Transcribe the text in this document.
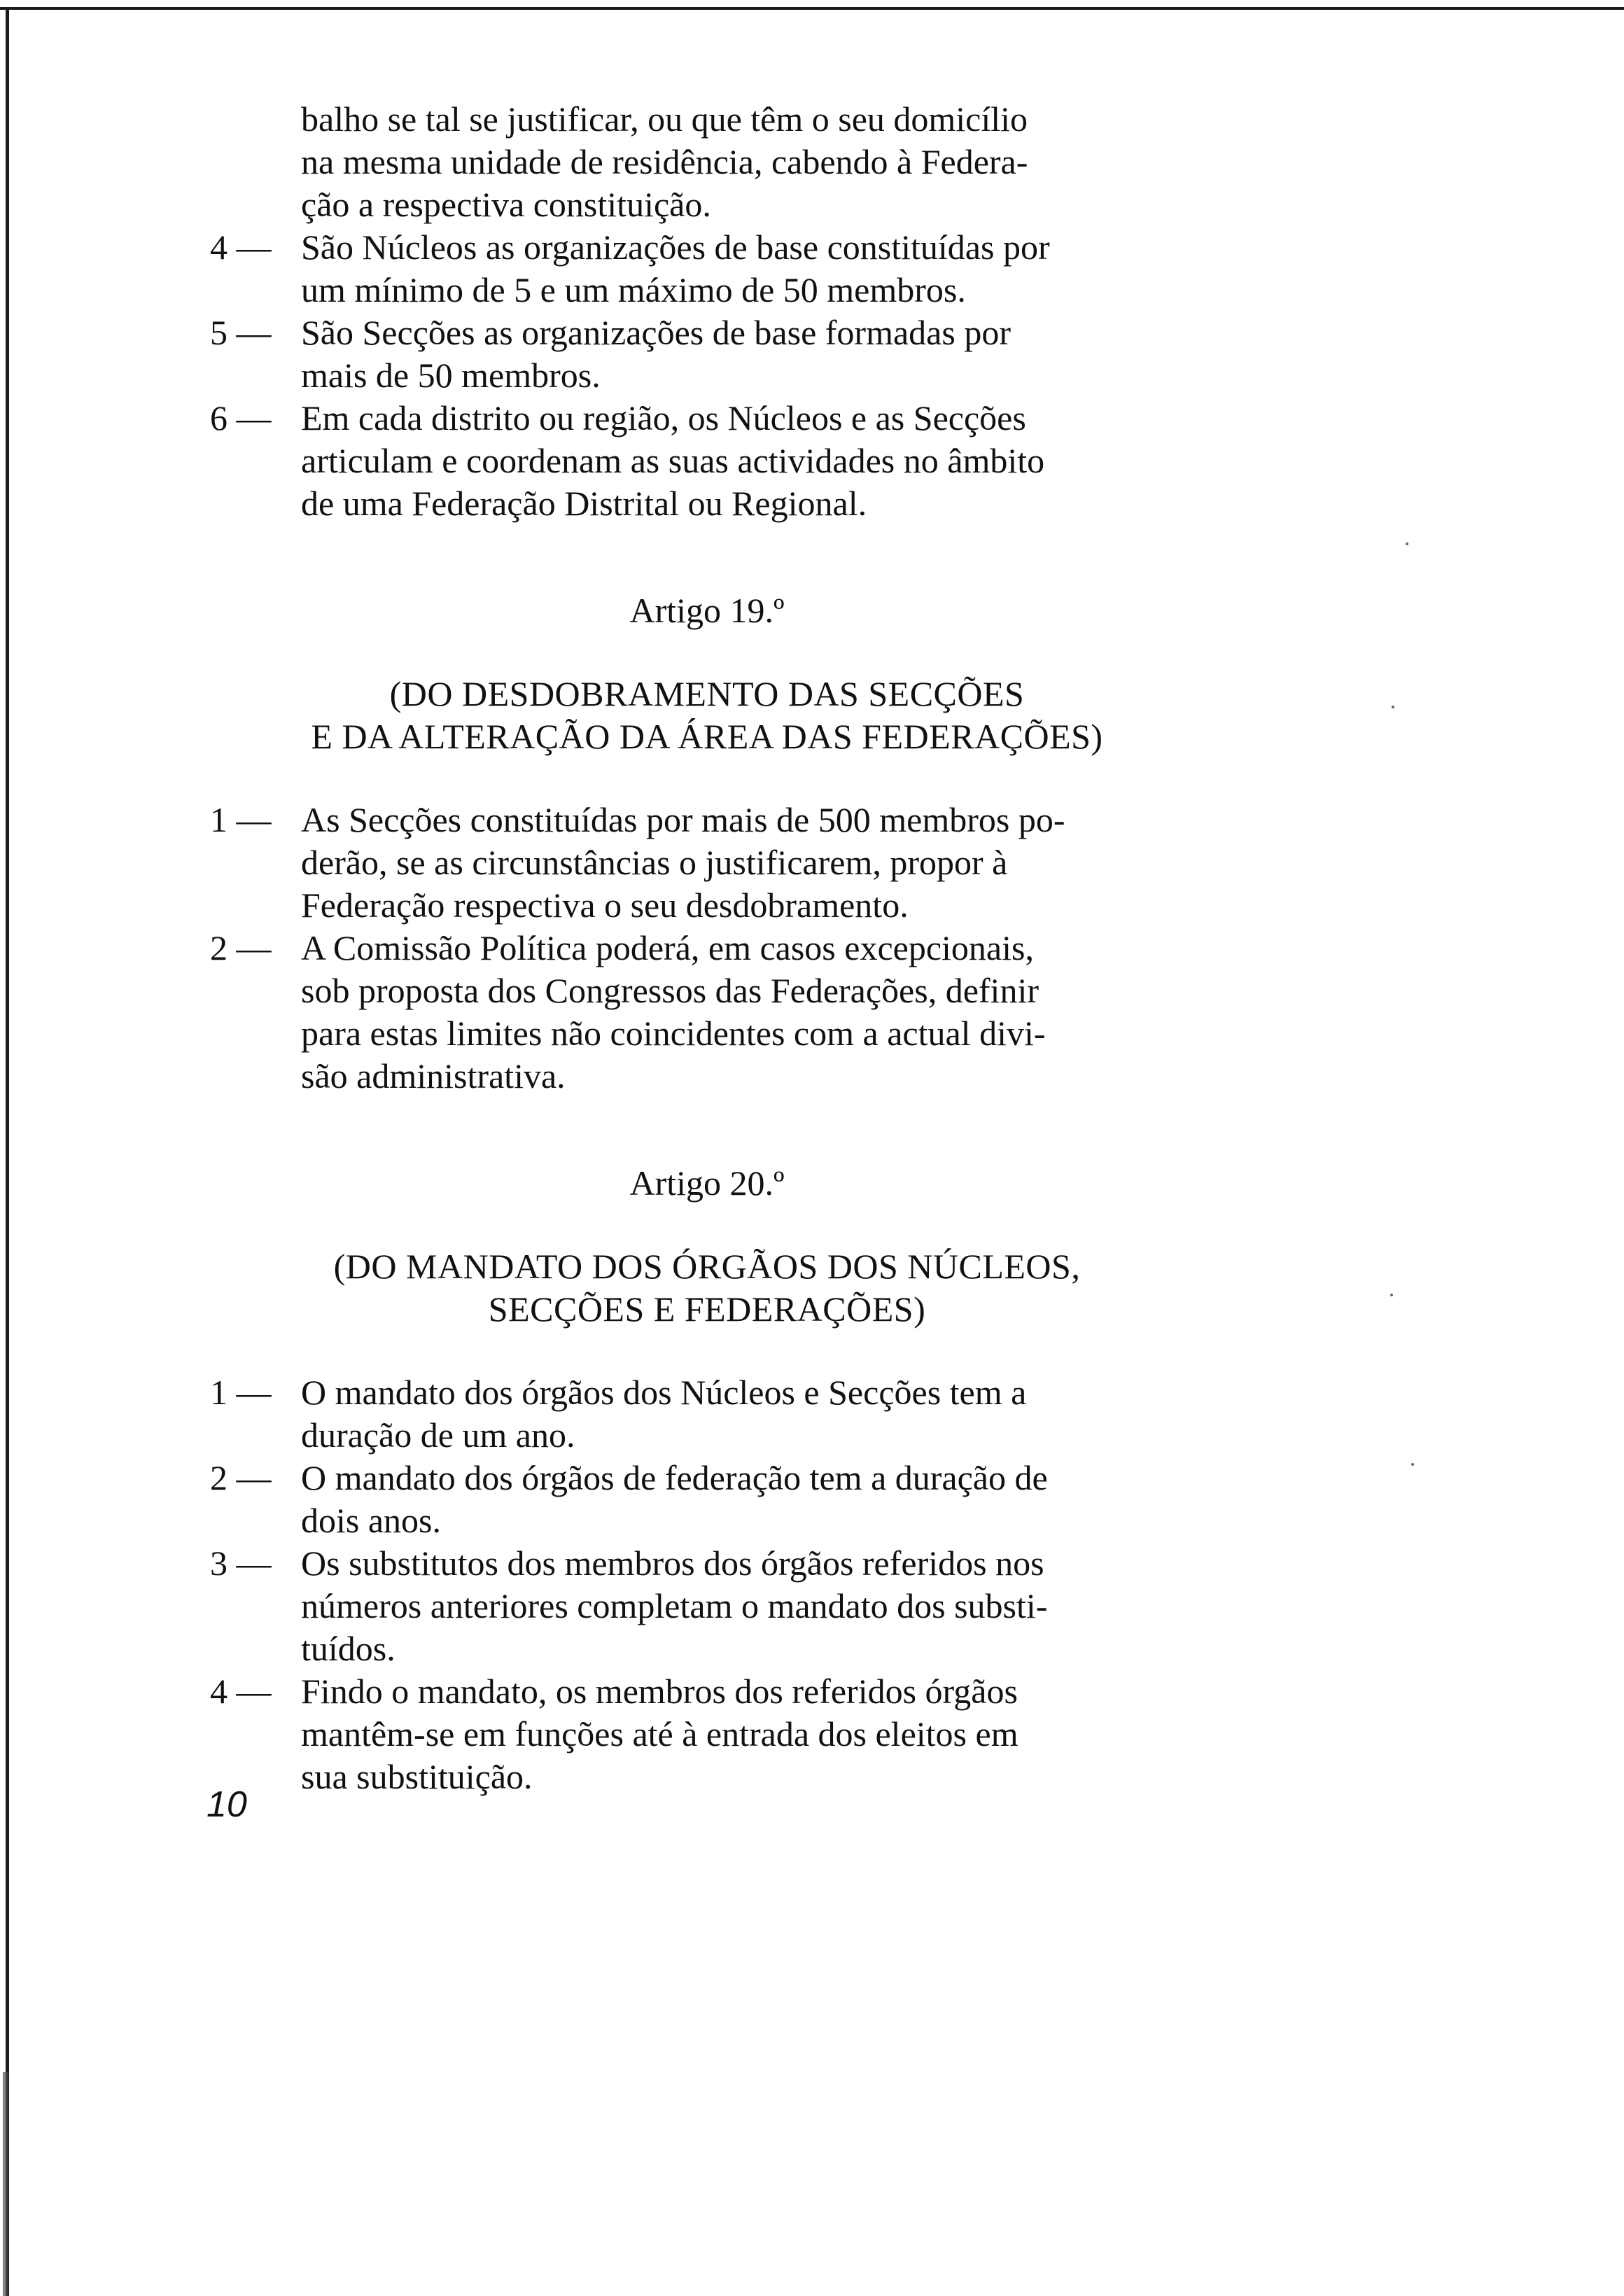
balho se tal se justificar, ou que têm o seu domicílio
na mesma unidade de residência, cabendo à Federa-
ção a respectiva constituição.
4 — São Núcleos as organizações de base constituídas por
um mínimo de 5 e um máximo de 50 membros.
5 — São Secções as organizações de base formadas por
mais de 50 membros.
6 — Em cada distrito ou região, os Núcleos e as Secções
articulam e coordenam as suas actividades no âmbito
de uma Federação Distrital ou Regional.
Artigo 19.º
(DO DESDOBRAMENTO DAS SECÇÕES
E DA ALTERAÇÃO DA ÁREA DAS FEDERAÇÕES)
1 — As Secções constituídas por mais de 500 membros po-
derão, se as circunstâncias o justificarem, propor à
Federação respectiva o seu desdobramento.
2 — A Comissão Política poderá, em casos excepcionais,
sob proposta dos Congressos das Federações, definir
para estas limites não coincidentes com a actual divi-
são administrativa.
Artigo 20.º
(DO MANDATO DOS ÓRGÃOS DOS NÚCLEOS,
SECÇÕES E FEDERAÇÕES)
1 — O mandato dos órgãos dos Núcleos e Secções tem a
duração de um ano.
2 — O mandato dos órgãos de federação tem a duração de
dois anos.
3 — Os substitutos dos membros dos órgãos referidos nos
números anteriores completam o mandato dos substi-
tuídos.
4 — Findo o mandato, os membros dos referidos órgãos
mantêm-se em funções até à entrada dos eleitos em
sua substituição.
10
